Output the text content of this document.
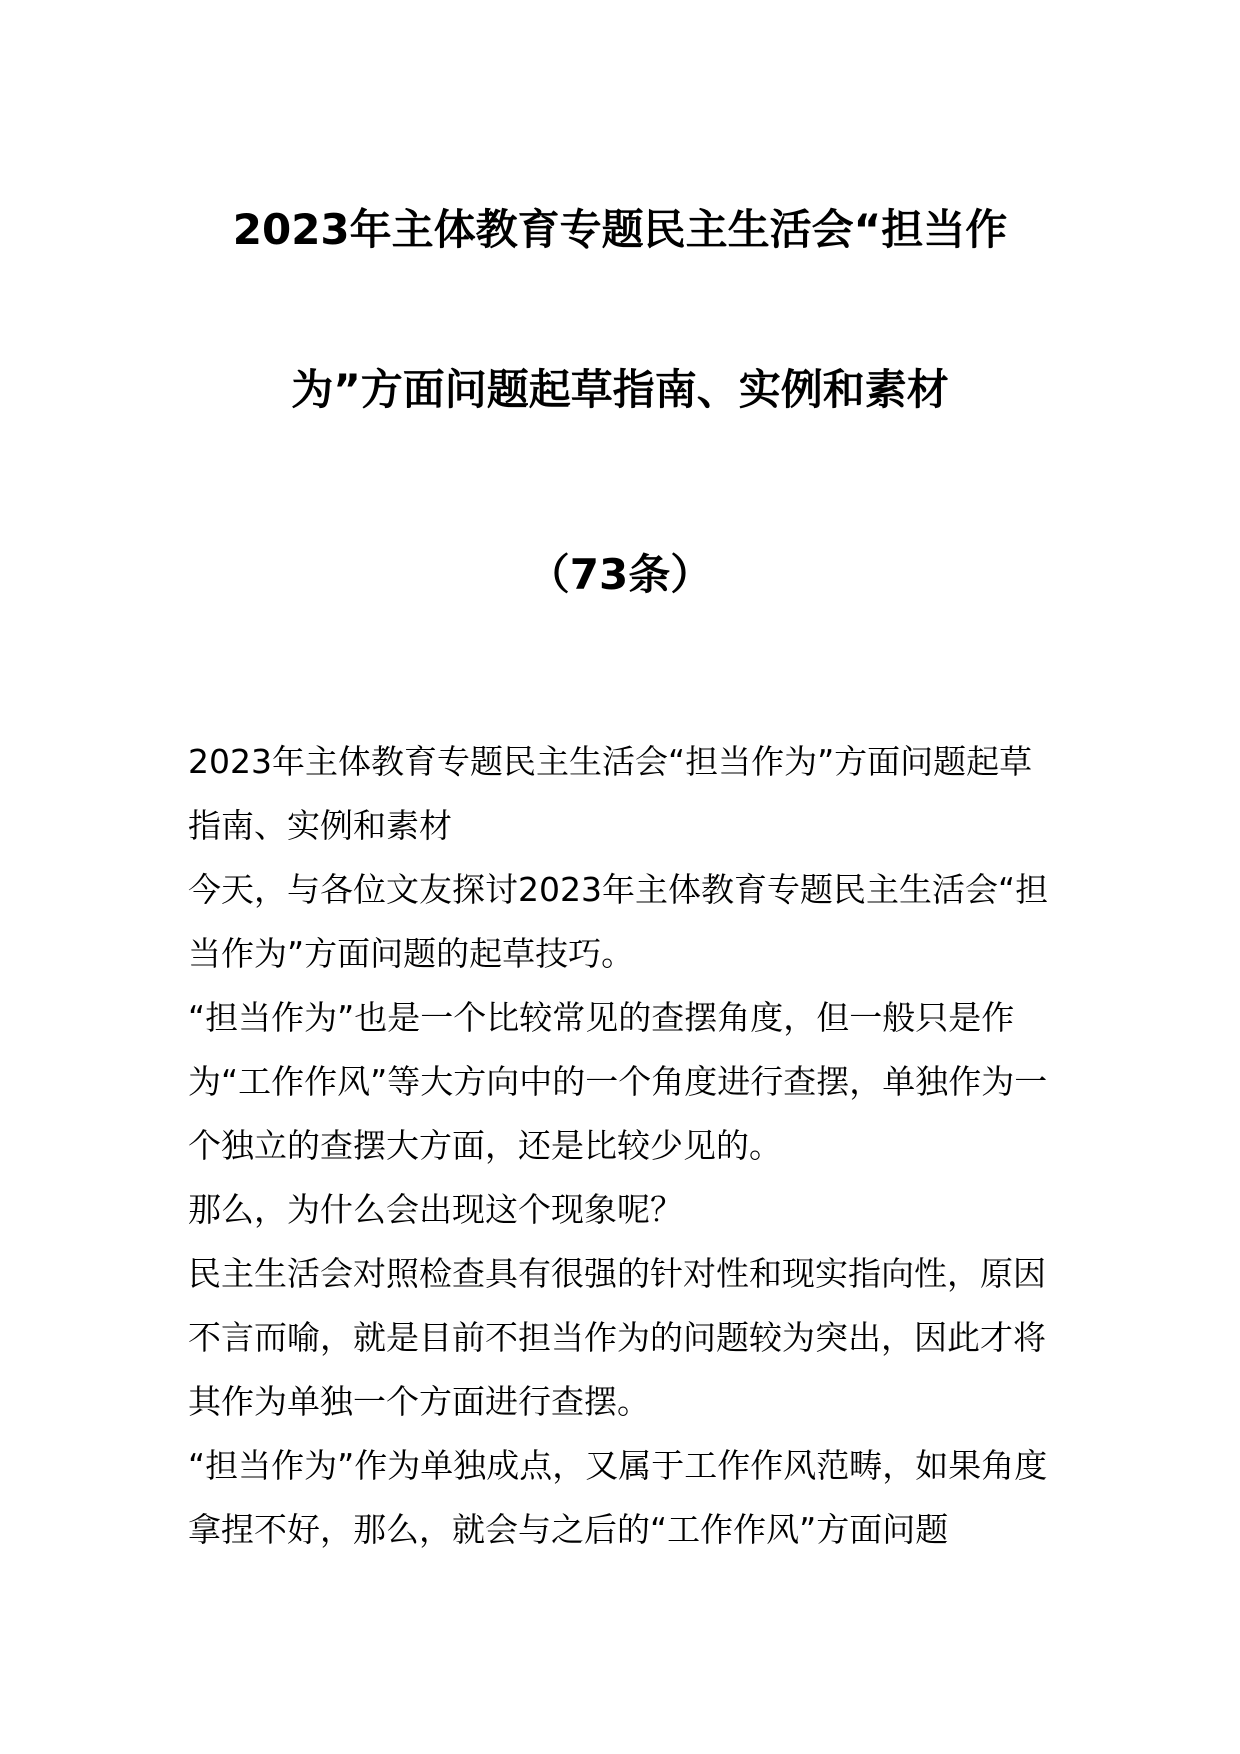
2023年主体教育专题民主生活会“担当作
为”方面问题起草指南、实例和素材
（73条）

2023年主体教育专题民主生活会“担当作为”方面问题起草指南、实例和素材

今天，与各位文友探讨2023年主体教育专题民主生活会“担当作为”方面问题的起草技巧。

“担当作为”也是一个比较常见的查摆角度，但一般只是作为“工作作风”等大方向中的一个角度进行查摆，单独作为一个独立的查摆大方面，还是比较少见的。

那么，为什么会出现这个现象呢？

民主生活会对照检查具有很强的针对性和现实指向性，原因不言而喻，就是目前不担当作为的问题较为突出，因此才将其作为单独一个方面进行查摆。

“担当作为”作为单独成点，又属于工作作风范畴，如果角度拿捏不好，那么，就会与之后的“工作作风”方面问题
